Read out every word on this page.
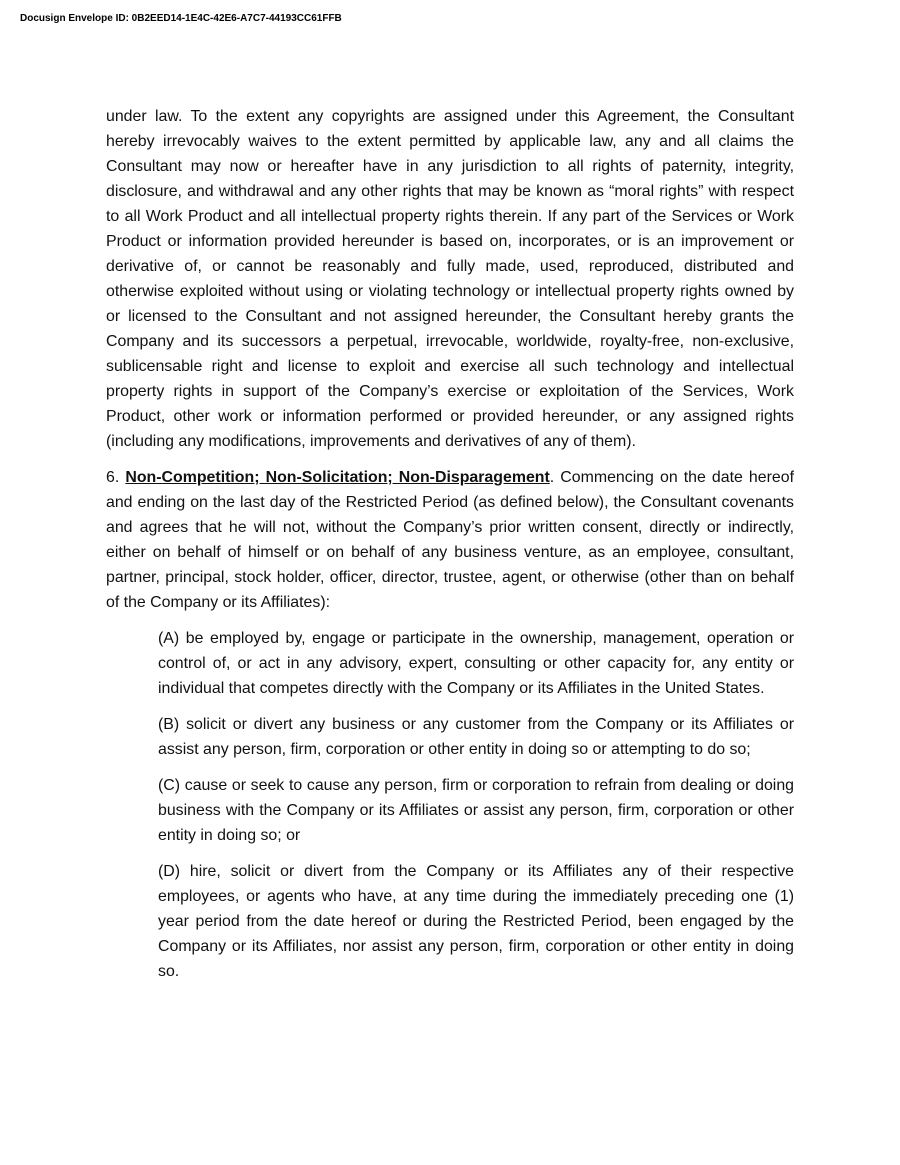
Docusign Envelope ID: 0B2EED14-1E4C-42E6-A7C7-44193CC61FFB

under law. To the extent any copyrights are assigned under this Agreement, the Consultant hereby irrevocably waives to the extent permitted by applicable law, any and all claims the Consultant may now or hereafter have in any jurisdiction to all rights of paternity, integrity, disclosure, and withdrawal and any other rights that may be known as “moral rights” with respect to all Work Product and all intellectual property rights therein. If any part of the Services or Work Product or information provided hereunder is based on, incorporates, or is an improvement or derivative of, or cannot be reasonably and fully made, used, reproduced, distributed and otherwise exploited without using or violating technology or intellectual property rights owned by or licensed to the Consultant and not assigned hereunder, the Consultant hereby grants the Company and its successors a perpetual, irrevocable, worldwide, royalty-free, non-exclusive, sublicensable right and license to exploit and exercise all such technology and intellectual property rights in support of the Company’s exercise or exploitation of the Services, Work Product, other work or information performed or provided hereunder, or any assigned rights (including any modifications, improvements and derivatives of any of them).

6. Non-Competition; Non-Solicitation; Non-Disparagement. Commencing on the date hereof and ending on the last day of the Restricted Period (as defined below), the Consultant covenants and agrees that he will not, without the Company’s prior written consent, directly or indirectly, either on behalf of himself or on behalf of any business venture, as an employee, consultant, partner, principal, stock holder, officer, director, trustee, agent, or otherwise (other than on behalf of the Company or its Affiliates):

(A) be employed by, engage or participate in the ownership, management, operation or control of, or act in any advisory, expert, consulting or other capacity for, any entity or individual that competes directly with the Company or its Affiliates in the United States.

(B) solicit or divert any business or any customer from the Company or its Affiliates or assist any person, firm, corporation or other entity in doing so or attempting to do so;

(C) cause or seek to cause any person, firm or corporation to refrain from dealing or doing business with the Company or its Affiliates or assist any person, firm, corporation or other entity in doing so; or

(D) hire, solicit or divert from the Company or its Affiliates any of their respective employees, or agents who have, at any time during the immediately preceding one (1) year period from the date hereof or during the Restricted Period, been engaged by the Company or its Affiliates, nor assist any person, firm, corporation or other entity in doing so.
